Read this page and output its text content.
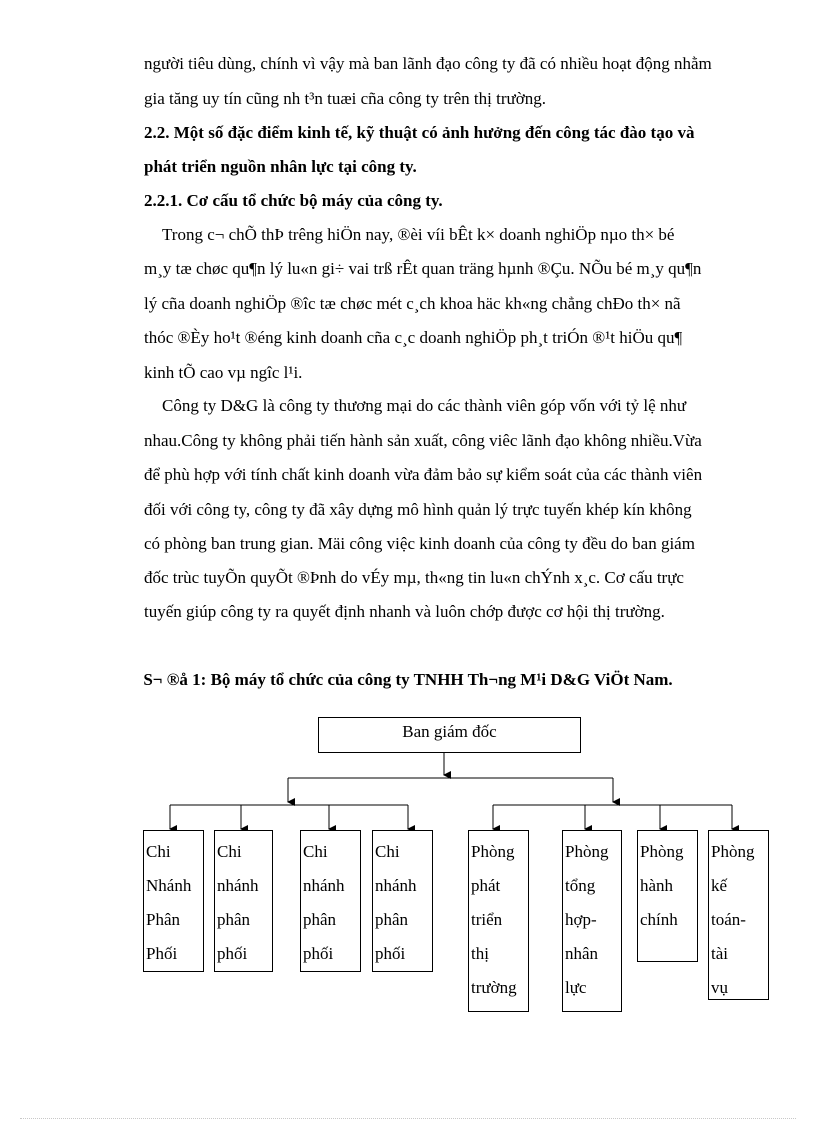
người tiêu dùng, chính vì vậy mà ban lãnh đạo công ty đã có nhiều hoạt động nhằm
gia tăng uy tín cũng nh t³n tuæi cña công ty trên thị trường.
2.2. Một số đặc điểm kinh tế, kỹ thuật có ảnh hưởng đến công tác đào tạo và
phát triển nguồn nhân lực tại công ty.
2.2.1. Cơ cấu tổ chức bộ máy của công ty.
Trong c¬ chÕ thÞ trêng hiÖn nay, ®èi víi bÊt k× doanh nghiÖp nµo th× bé
m¸y tæ chøc qu¶n lý lu«n gi÷ vai trß rÊt quan träng hµnh ®Çu. NÕu bé m¸y qu¶n
lý cña doanh nghiÖp ®îc tæ chøc mét c¸ch khoa häc kh«ng chẳng chÐo th× nã
thóc ®Èy ho¹t ®éng kinh doanh cña c¸c doanh nghiÖp ph¸t triÓn ®¹t hiÖu qu¶
kinh tÕ cao vµ ngîc l¹i.
Công ty D&G là công ty thương mại do các thành viên góp vốn với tỷ lệ như
nhau.Công ty không phải tiến hành sản xuất, công viêc lãnh đạo không nhiều.Vừa
để phù hợp với tính chất kinh doanh vừa đảm bảo sự kiểm soát của các thành viên
đối với công ty, công ty đã xây dựng mô hình quản lý trực tuyến khép kín không
có phòng ban trung gian. Mäi công việc kinh doanh của công ty đều do ban giám
đốc trùc tuyÕn quyÕt ®Þnh do vÉy mµ, th«ng tin lu«n chÝnh x¸c. Cơ cấu trực
tuyến giúp công ty ra quyết định nhanh và luôn chớp được cơ hội thị trường.
S¬ ®å 1: Bộ máy tổ chức của công ty TNHH Th¬ng M¹i D&G ViÖt Nam.
Ban giám đốc
Chi
Nhánh
Phân
Phối
Chi
nhánh
phân
phối
Chi
nhánh
phân
phối
Chi
nhánh
phân
phối
Phòng
phát
triển
thị
trường
Phòng
tổng
hợp-
nhân
lực
Phòng
hành
chính
Phòng
kế
toán-
tài
vụ
